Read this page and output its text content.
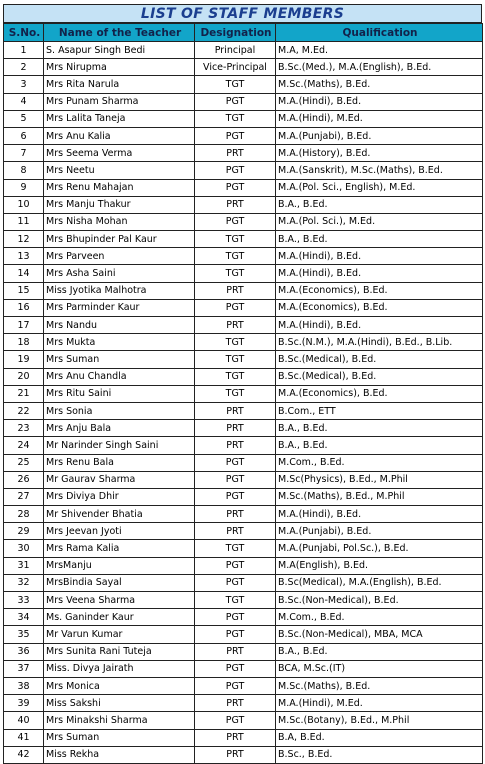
LIST OF STAFF MEMBERS
S.No.	Name of the Teacher	Designation	Qualification
1	S. Asapur Singh Bedi	Principal	M.A, M.Ed.
2	Mrs Nirupma	Vice-Principal	B.Sc.(Med.), M.A.(English), B.Ed.
3	Mrs Rita Narula	TGT	M.Sc.(Maths), B.Ed.
4	Mrs Punam Sharma	PGT	M.A.(Hindi), B.Ed.
5	Mrs Lalita Taneja	TGT	M.A.(Hindi), M.Ed.
6	Mrs Anu Kalia	PGT	M.A.(Punjabi), B.Ed.
7	Mrs Seema Verma	PRT	M.A.(History), B.Ed.
8	Mrs Neetu	PGT	M.A.(Sanskrit), M.Sc.(Maths), B.Ed.
9	Mrs Renu Mahajan	PGT	M.A.(Pol. Sci., English), M.Ed.
10	Mrs Manju Thakur	PRT	B.A., B.Ed.
11	Mrs Nisha Mohan	PGT	M.A.(Pol. Sci.), M.Ed.
12	Mrs Bhupinder Pal Kaur	TGT	B.A., B.Ed.
13	Mrs Parveen	TGT	M.A.(Hindi), B.Ed.
14	Mrs Asha Saini	TGT	M.A.(Hindi), B.Ed.
15	Miss Jyotika Malhotra	PRT	M.A.(Economics), B.Ed.
16	Mrs Parminder Kaur	PGT	M.A.(Economics), B.Ed.
17	Mrs Nandu	PRT	M.A.(Hindi), B.Ed.
18	Mrs Mukta	TGT	B.Sc.(N.M.), M.A.(Hindi), B.Ed., B.Lib.
19	Mrs Suman	TGT	B.Sc.(Medical), B.Ed.
20	Mrs Anu Chandla	TGT	B.Sc.(Medical), B.Ed.
21	Mrs Ritu Saini	TGT	M.A.(Economics), B.Ed.
22	Mrs Sonia	PRT	B.Com., ETT
23	Mrs Anju Bala	PRT	B.A., B.Ed.
24	Mr Narinder Singh Saini	PRT	B.A., B.Ed.
25	Mrs Renu Bala	PGT	M.Com., B.Ed.
26	Mr Gaurav Sharma	PGT	M.Sc(Physics), B.Ed., M.Phil
27	Mrs Diviya Dhir	PGT	M.Sc.(Maths), B.Ed., M.Phil
28	Mr Shivender Bhatia	PRT	M.A.(Hindi), B.Ed.
29	Mrs Jeevan Jyoti	PRT	M.A.(Punjabi), B.Ed.
30	Mrs Rama Kalia	TGT	M.A.(Punjabi, Pol.Sc.), B.Ed.
31	MrsManju	PGT	M.A(English), B.Ed.
32	MrsBindia Sayal	PGT	B.Sc(Medical), M.A.(English), B.Ed.
33	Mrs Veena Sharma	TGT	B.Sc.(Non-Medical), B.Ed.
34	Ms. Ganinder Kaur	PGT	M.Com., B.Ed.
35	Mr Varun Kumar	PGT	B.Sc.(Non-Medical), MBA, MCA
36	Mrs Sunita Rani Tuteja	PRT	B.A., B.Ed.
37	Miss. Divya Jairath	PGT	BCA, M.Sc.(IT)
38	Mrs Monica	PGT	M.Sc.(Maths), B.Ed.
39	Miss Sakshi	PRT	M.A.(Hindi), M.Ed.
40	Mrs Minakshi Sharma	PGT	M.Sc.(Botany), B.Ed., M.Phil
41	Mrs Suman	PRT	B.A, B.Ed.
42	Miss Rekha	PRT	B.Sc., B.Ed.
